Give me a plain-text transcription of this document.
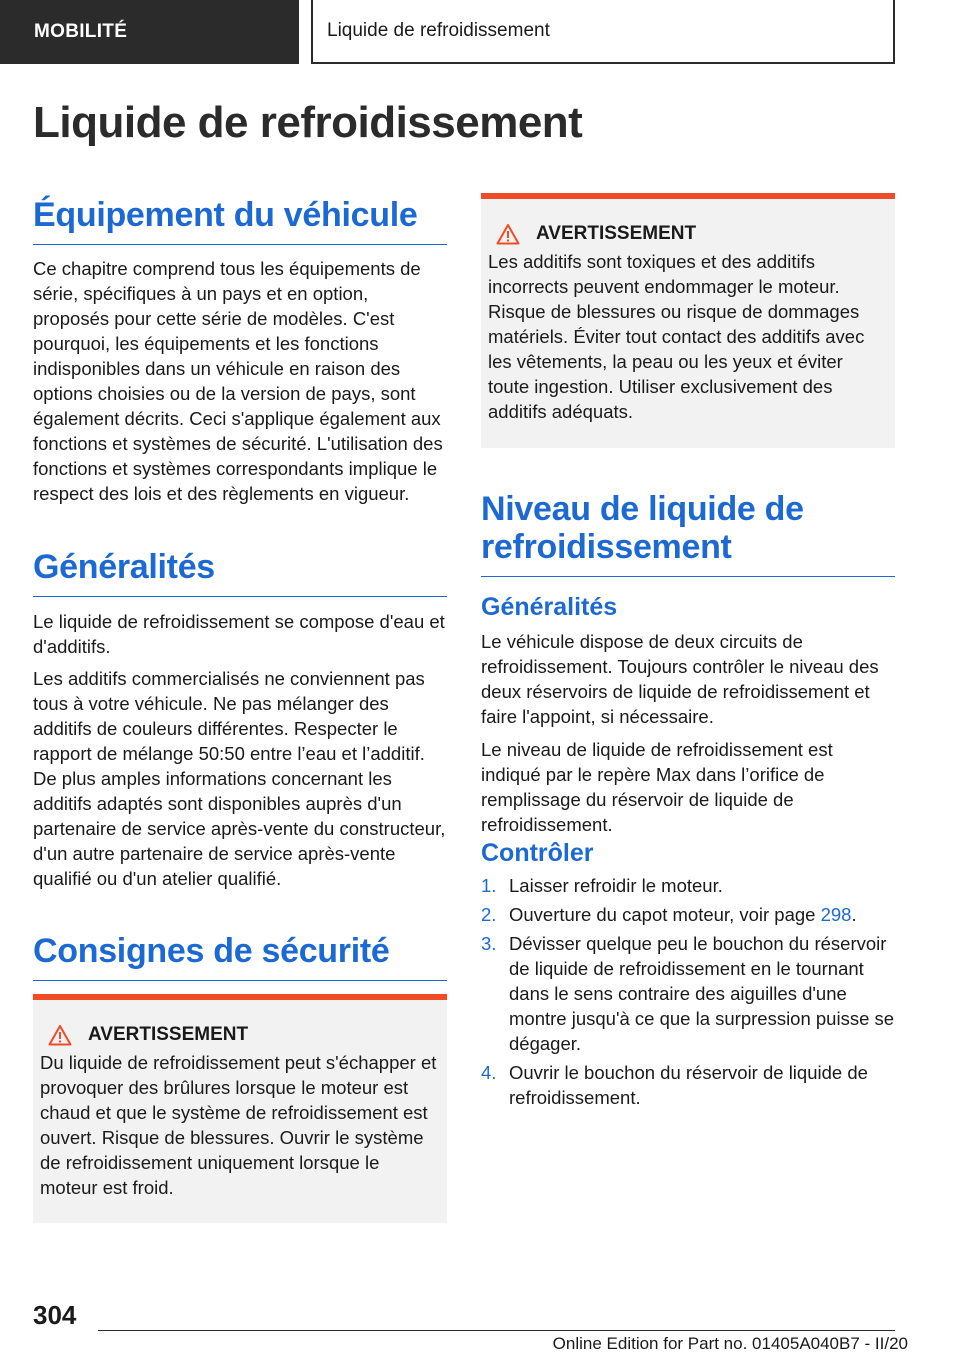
MOBILITÉ	Liquide de refroidissement
Liquide de refroidissement
Équipement du véhicule

Ce chapitre comprend tous les équipements de série, spécifiques à un pays et en option, proposés pour cette série de modèles. C'est pourquoi, les équipements et les fonctions indisponibles dans un véhicule en raison des options choisies ou de la version de pays, sont également décrits. Ceci s'applique également aux fonctions et systèmes de sécurité. L'utilisation des fonctions et systèmes correspondants implique le respect des lois et des règlements en vigueur.

Généralités

Le liquide de refroidissement se compose d'eau et d'additifs.

Les additifs commercialisés ne conviennent pas tous à votre véhicule. Ne pas mélanger des additifs de couleurs différentes. Respecter le rapport de mélange 50:50 entre l’eau et l’additif. De plus amples informations concernant les additifs adaptés sont disponibles auprès d'un partenaire de service après-vente du constructeur, d'un autre partenaire de service après-vente qualifié ou d'un atelier qualifié.

Consignes de sécurité
AVERTISSEMENT

Du liquide de refroidissement peut s'échapper et provoquer des brûlures lorsque le moteur est chaud et que le système de refroidissement est ouvert. Risque de blessures. Ouvrir le système de refroidissement uniquement lorsque le moteur est froid.

AVERTISSEMENT

Les additifs sont toxiques et des additifs incorrects peuvent endommager le moteur. Risque de blessures ou risque de dommages matériels. Éviter tout contact des additifs avec les vêtements, la peau ou les yeux et éviter toute ingestion. Utiliser exclusivement des additifs adéquats.

Niveau de liquide de refroidissement
Généralités

Le véhicule dispose de deux circuits de refroidissement. Toujours contrôler le niveau des deux réservoirs de liquide de refroidissement et faire l'appoint, si nécessaire.

Le niveau de liquide de refroidissement est indiqué par le repère Max dans l’orifice de remplissage du réservoir de liquide de refroidissement.

Contrôler
1. Laisser refroidir le moteur.
2. Ouverture du capot moteur, voir page 298.
3. Dévisser quelque peu le bouchon du réservoir de liquide de refroidissement en le tournant dans le sens contraire des aiguilles d'une montre jusqu'à ce que la surpression puisse se dégager.
4. Ouvrir le bouchon du réservoir de liquide de refroidissement.
304
Online Edition for Part no. 01405A040B7 - II/20
